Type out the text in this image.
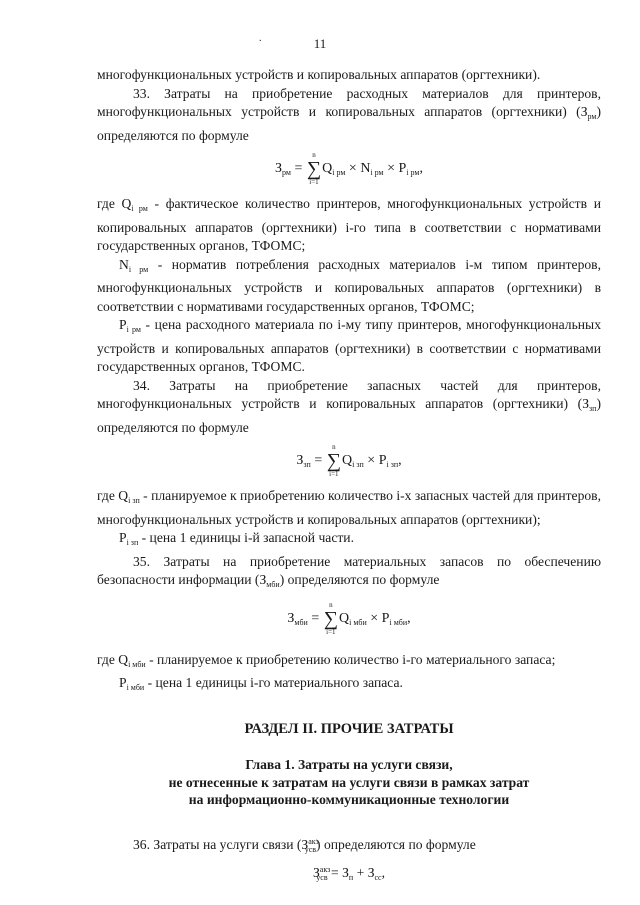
.	11

многофункциональных устройств и копировальных аппаратов (оргтехники).

33. Затраты на приобретение расходных материалов для принтеров, многофункциональных устройств и копировальных аппаратов (оргтехники) $(З_{рм})$ определяются по формуле

$З_{рм}$ =
n
∑
i=1
$Q_{i рм} \times N_{i рм} \times P_{i рм}$,

где $Q_{i рм}$ - фактическое количество принтеров, многофункциональных устройств и копировальных аппаратов (оргтехники) i-го типа в соответствии с нормативами государственных органов, ТФОМС;

$N_{i рм}$ - норматив потребления расходных материалов i-м типом принтеров, многофункциональных устройств и копировальных аппаратов (оргтехники) в соответствии с нормативами государственных органов, ТФОМС;

$P_{i рм}$ - цена расходного материала по i-му типу принтеров, многофункциональных устройств и копировальных аппаратов (оргтехники) в соответствии с нормативами государственных органов, ТФОМС.

34. Затраты на приобретение запасных частей для принтеров, многофункциональных устройств и копировальных аппаратов (оргтехники) $(З_{зп})$ определяются по формуле

$З_{зп}$ =
n
∑
i=1
$Q_{i зп} \times P_{i зп}$,

где $Q_{i зп}$ - планируемое к приобретению количество i-х запасных частей для принтеров, многофункциональных устройств и копировальных аппаратов (оргтехники);

$P_{i зп}$ - цена 1 единицы i-й запасной части.

35. Затраты на приобретение материальных запасов по обеспечению безопасности информации $(З_{мби})$ определяются по формуле

$З_{мби}$ =
n
∑
i=1
$Q_{i мби} \times P_{i мби}$,

где $Q_{i мби}$ - планируемое к приобретению количество i-го материального запаса;

$P_{i мби}$ - цена 1 единицы i-го материального запаса.

РАЗДЕЛ II. ПРОЧИЕ ЗАТРАТЫ
Глава 1. Затраты на услуги связи,
не отнесенные к затратам на услуги связи в рамках затрат
на информационно-коммуникационные технологии

36. Затраты на услуги связи $(З^{акз}_{усв})$ определяются по формуле

$З^{акз}_{усв} = З_п + З_{сс}$,
